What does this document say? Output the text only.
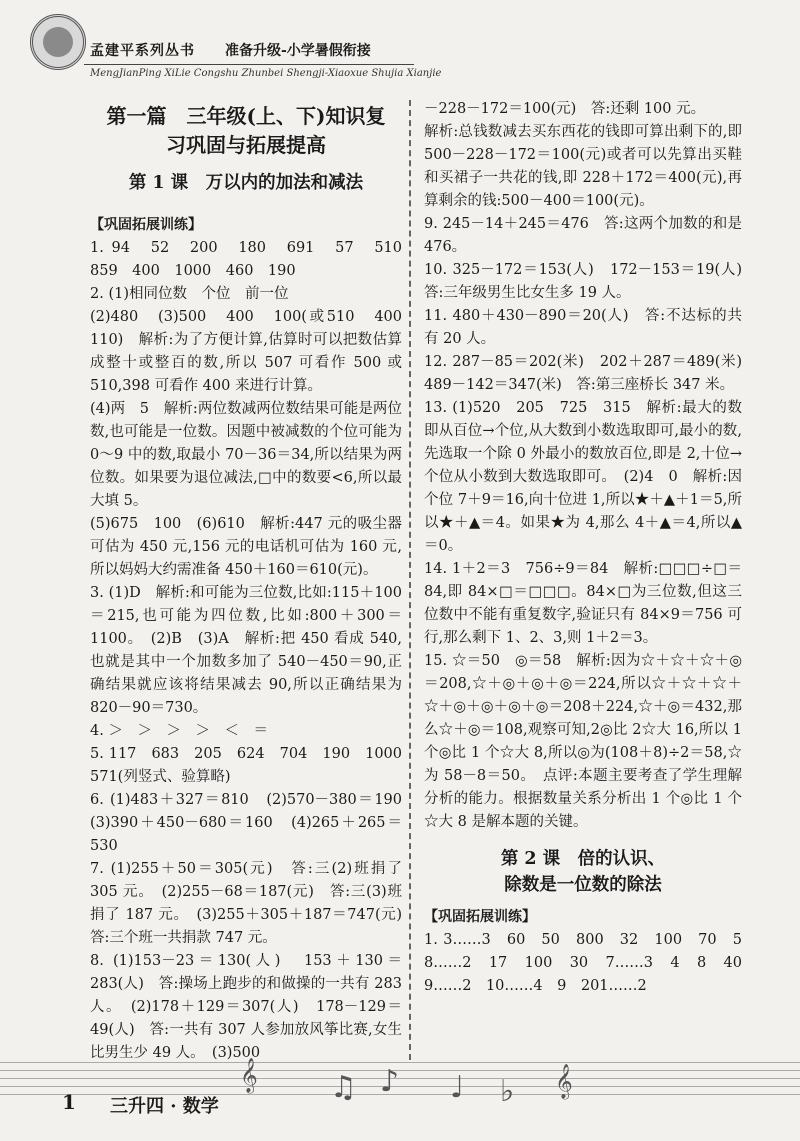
孟建平系列丛书 准备升级-小学暑假衔接
MengJianPing XiLie Congshu Zhunbei Shengji-Xiaoxue Shujia Xianjie
第一篇　三年级(上、下)知识复
习巩固与拓展提高
第 1 课　万以内的加法和减法
【巩固拓展训练】

1. 94　52　200　180　691　57　510　859　400　1000　460　190

2. (1)相同位数　个位　前一位

(2)480　(3)500　400　100(或510　400　110)　解析:为了方便计算,估算时可以把数估算成整十或整百的数,所以 507 可看作 500 或 510,398 可看作 400 来进行计算。

(4)两　5　解析:两位数减两位数结果可能是两位数,也可能是一位数。因题中被减数的个位可能为 0～9 中的数,取最小 70－36＝34,所以结果为两位数。如果要为退位减法,□中的数要<6,所以最大填 5。

(5)675　100　(6)610　解析:447 元的吸尘器可估为 450 元,156 元的电话机可估为 160 元,所以妈妈大约需准备 450＋160＝610(元)。

3. (1)D　解析:和可能为三位数,比如:115＋100＝215,也可能为四位数,比如:800＋300＝1100。　(2)B　(3)A　解析:把 450 看成 540,也就是其中一个加数多加了 540－450＝90,正确结果就应该将结果减去 90,所以正确结果为 820－90＝730。

4. ＞　＞　＞　＞　＜　＝

5. 117　683　205　624　704　190　1000　571(列竖式、验算略)

6. (1)483＋327＝810　(2)570－380＝190　(3)390＋450－680＝160　(4)265＋265＝530

7. (1)255＋50＝305(元)　答:三(2)班捐了 305 元。　(2)255－68＝187(元)　答:三(3)班捐了 187 元。　(3)255＋305＋187＝747(元)　答:三个班一共捐款 747 元。

8. (1)153－23＝130(人)　153＋130＝283(人)　答:操场上跑步的和做操的一共有 283 人。　(2)178＋129＝307(人)　178－129＝49(人)　答:一共有 307 人参加放风筝比赛,女生比男生少 49 人。　(3)500

－228－172＝100(元)　答:还剩 100 元。

解析:总钱数减去买东西花的钱即可算出剩下的,即 500－228－172＝100(元)或者可以先算出买鞋和买裙子一共花的钱,即 228＋172＝400(元),再算剩余的钱:500－400＝100(元)。

9. 245－14＋245＝476　答:这两个加数的和是 476。

10. 325－172＝153(人)　172－153＝19(人)　答:三年级男生比女生多 19 人。

11. 480＋430－890＝20(人)　答:不达标的共有 20 人。

12. 287－85＝202(米)　202＋287＝489(米)　489－142＝347(米)　答:第三座桥长 347 米。

13. (1)520　205　725　315　解析:最大的数即从百位→个位,从大数到小数选取即可,最小的数,先选取一个除 0 外最小的数放百位,即是 2,十位→个位从小数到大数选取即可。　(2)4　0　解析:因个位 7＋9＝16,向十位进 1,所以★＋▲＋1＝5,所以★＋▲＝4。如果★为 4,那么 4＋▲＝4,所以▲＝0。

14. 1＋2＝3　756÷9＝84　解析:□□□÷□＝84,即 84×□＝□□□。84×□为三位数,但这三位数中不能有重复数字,验证只有 84×9＝756 可行,那么剩下 1、2、3,则 1＋2＝3。

15. ☆＝50　◎＝58　解析:因为☆＋☆＋☆＋◎＝208,☆＋◎＋◎＋◎＝224,所以☆＋☆＋☆＋☆＋◎＋◎＋◎＋◎＝208＋224,☆＋◎＝432,那么☆＋◎＝108,观察可知,2◎比 2☆大 16,所以 1 个◎比 1 个☆大 8,所以◎为(108＋8)÷2＝58,☆为 58－8＝50。　点评:本题主要考查了学生理解分析的能力。根据数量关系分析出 1 个◎比 1 个☆大 8 是解本题的关键。

第 2 课　倍的认识、
除数是一位数的除法
【巩固拓展训练】

1. 3……3　60　50　800　32　100　70　5　8……2　17　100　30　7……3　4　8　40　9……2　10……4　9　201……2

𝄞 ♫ ♪ ♩ ♭ 𝄞
1 三升四 · 数学
